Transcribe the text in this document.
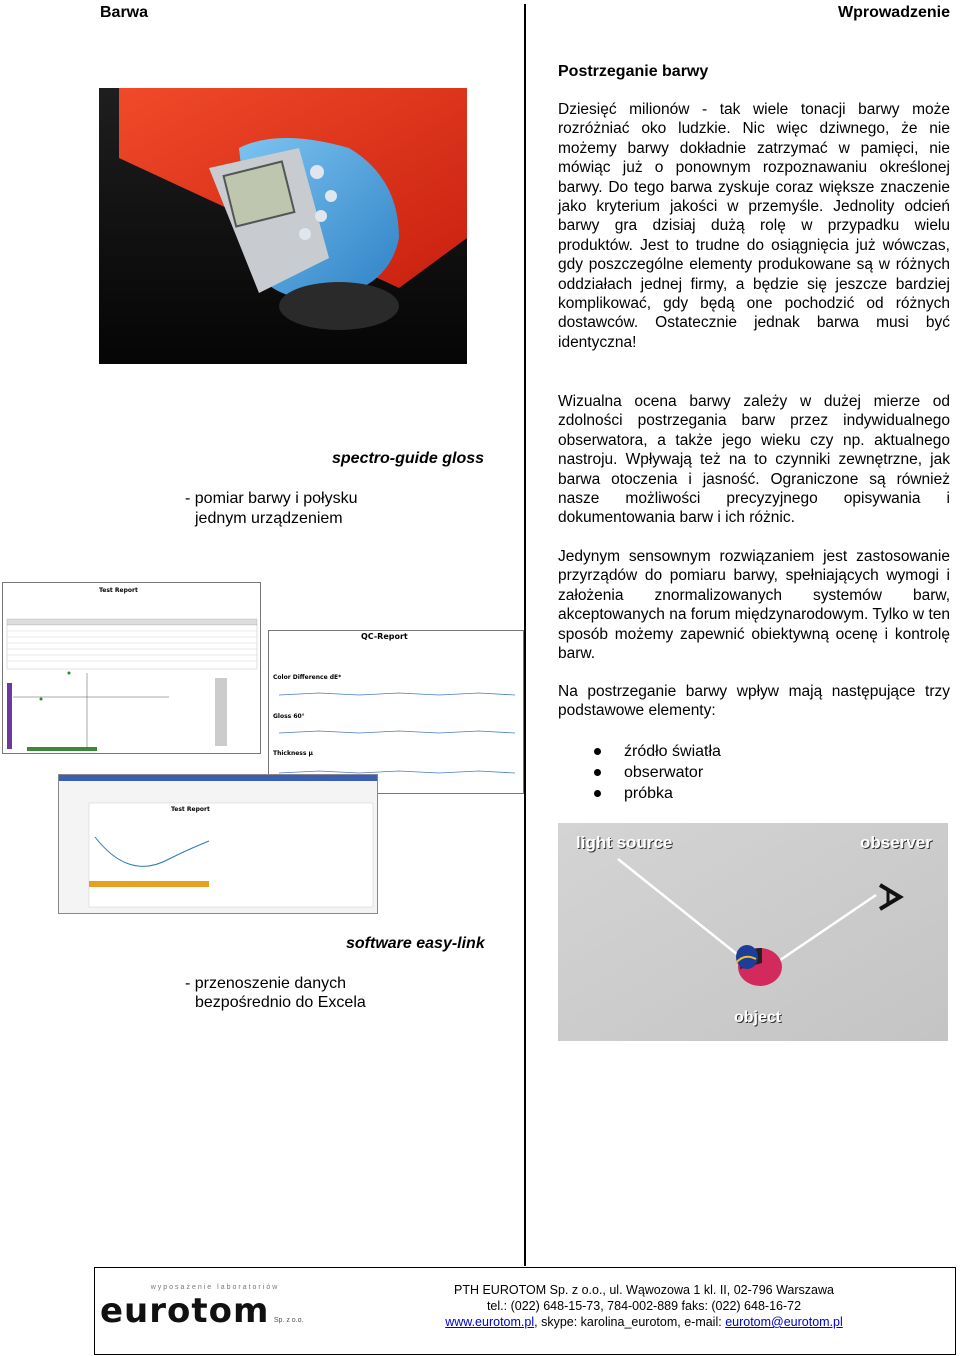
Barwa	Wprowadzenie
Postrzeganie barwy
Dziesięć milionów - tak wiele tonacji barwy może rozróżniać oko ludzkie. Nic więc dziwnego, że nie możemy barwy dokładnie zatrzymać w pamięci, nie mówiąc już o ponownym rozpoznawaniu określonej barwy. Do tego barwa zyskuje coraz większe znaczenie jako kryterium jakości w przemyśle. Jednolity odcień barwy gra dzisiaj dużą rolę w przypadku wielu produktów. Jest to trudne do osiągnięcia już wówczas, gdy poszczególne elementy produkowane są w różnych oddziałach jednej firmy, a będzie się jeszcze bardziej komplikować, gdy będą one pochodzić od różnych dostawców. Ostatecznie jednak barwa musi być identyczna!
Wizualna ocena barwy zależy w dużej mierze od zdolności postrzegania barw przez indywidualnego obserwatora, a także jego wieku czy np. aktualnego nastroju. Wpływają też na to czynniki zewnętrzne, jak barwa otoczenia i jasność. Ograniczone są również nasze możliwości precyzyjnego opisywania i dokumentowania barw i ich różnic.
Jedynym sensownym rozwiązaniem jest zastosowanie przyrządów do pomiaru barwy, spełniających wymogi i założenia znormalizowanych systemów barw, akceptowanych na forum międzynarodowym. Tylko w ten sposób możemy zapewnić obiektywną ocenę i kontrolę barw.
Na postrzeganie barwy wpływ mają następujące trzy podstawowe elementy:
źródło światła
obserwator
próbka
light source	observer
object
spectro-guide gloss
- pomiar barwy i połysku
jednym urządzeniem
Test Report
QC-Report
Color Difference dE*
Gloss 60°
Thickness µ
Test Report
software easy-link
- przenoszenie danych
bezpośrednio do Excela
wyposażenie laboratoriów
eurotom Sp. z o.o.
PTH EUROTOM Sp. z o.o., ul. Wąwozowa 1 kl. II, 02-796 Warszawa
tel.: (022) 648-15-73, 784-002-889 faks: (022) 648-16-72
www.eurotom.pl, skype: karolina_eurotom, e-mail: eurotom@eurotom.pl
